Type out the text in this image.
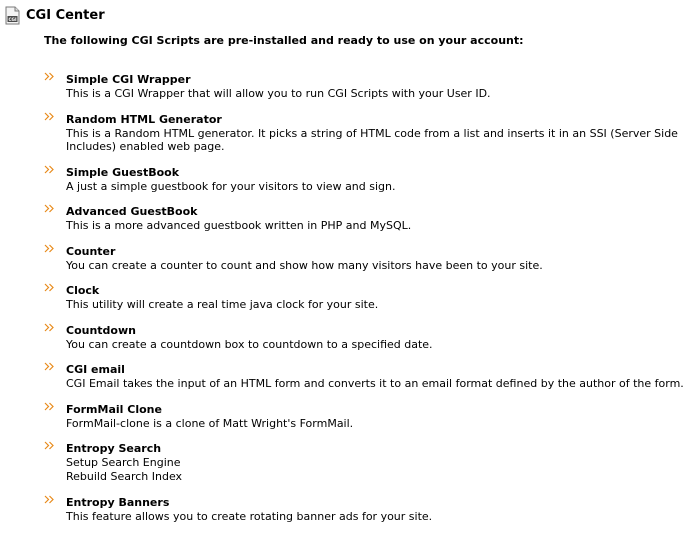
CGI CGI Center
The following CGI Scripts are pre-installed and ready to use on your account:
Simple CGI Wrapper
This is a CGI Wrapper that will allow you to run CGI Scripts with your User ID.
Random HTML Generator
This is a Random HTML generator. It picks a string of HTML code from a list and inserts it in an SSI (Server Side Includes) enabled web page.
Simple GuestBook
A just a simple guestbook for your visitors to view and sign.
Advanced GuestBook
This is a more advanced guestbook written in PHP and MySQL.
Counter
You can create a counter to count and show how many visitors have been to your site.
Clock
This utility will create a real time java clock for your site.
Countdown
You can create a countdown box to countdown to a specified date.
CGI email
CGI Email takes the input of an HTML form and converts it to an email format defined by the author of the form.
FormMail Clone
FormMail-clone is a clone of Matt Wright's FormMail.
Entropy Search
Setup Search Engine
Rebuild Search Index
Entropy Banners
This feature allows you to create rotating banner ads for your site.
